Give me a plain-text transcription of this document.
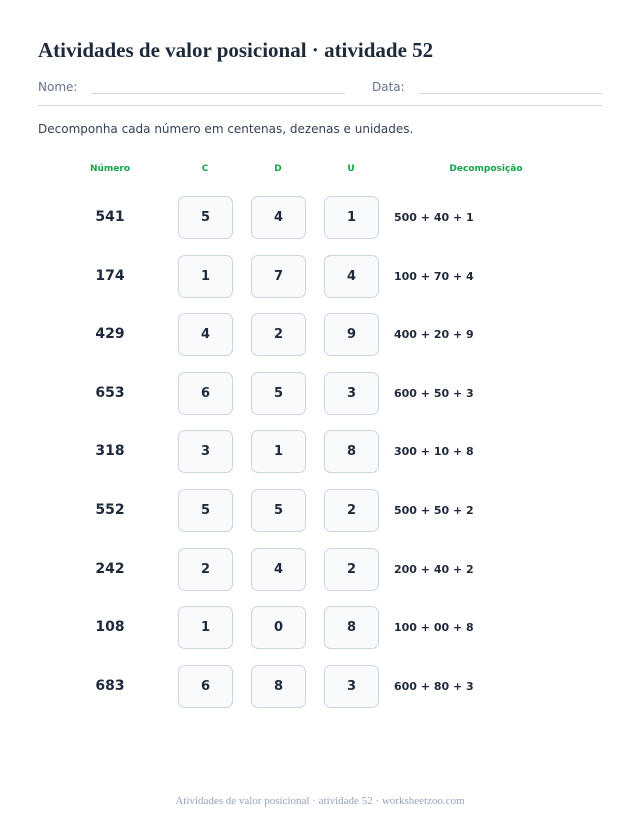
Atividades de valor posicional · atividade 52
Nome:	Data:
Decomponha cada número em centenas, dezenas e unidades.
Número	C	D	U	Decomposição
541	5	4	1	500 + 40 + 1
174	1	7	4	100 + 70 + 4
429	4	2	9	400 + 20 + 9
653	6	5	3	600 + 50 + 3
318	3	1	8	300 + 10 + 8
552	5	5	2	500 + 50 + 2
242	2	4	2	200 + 40 + 2
108	1	0	8	100 + 00 + 8
683	6	8	3	600 + 80 + 3
Atividades de valor posicional · atividade 52 · worksheetzoo.com
